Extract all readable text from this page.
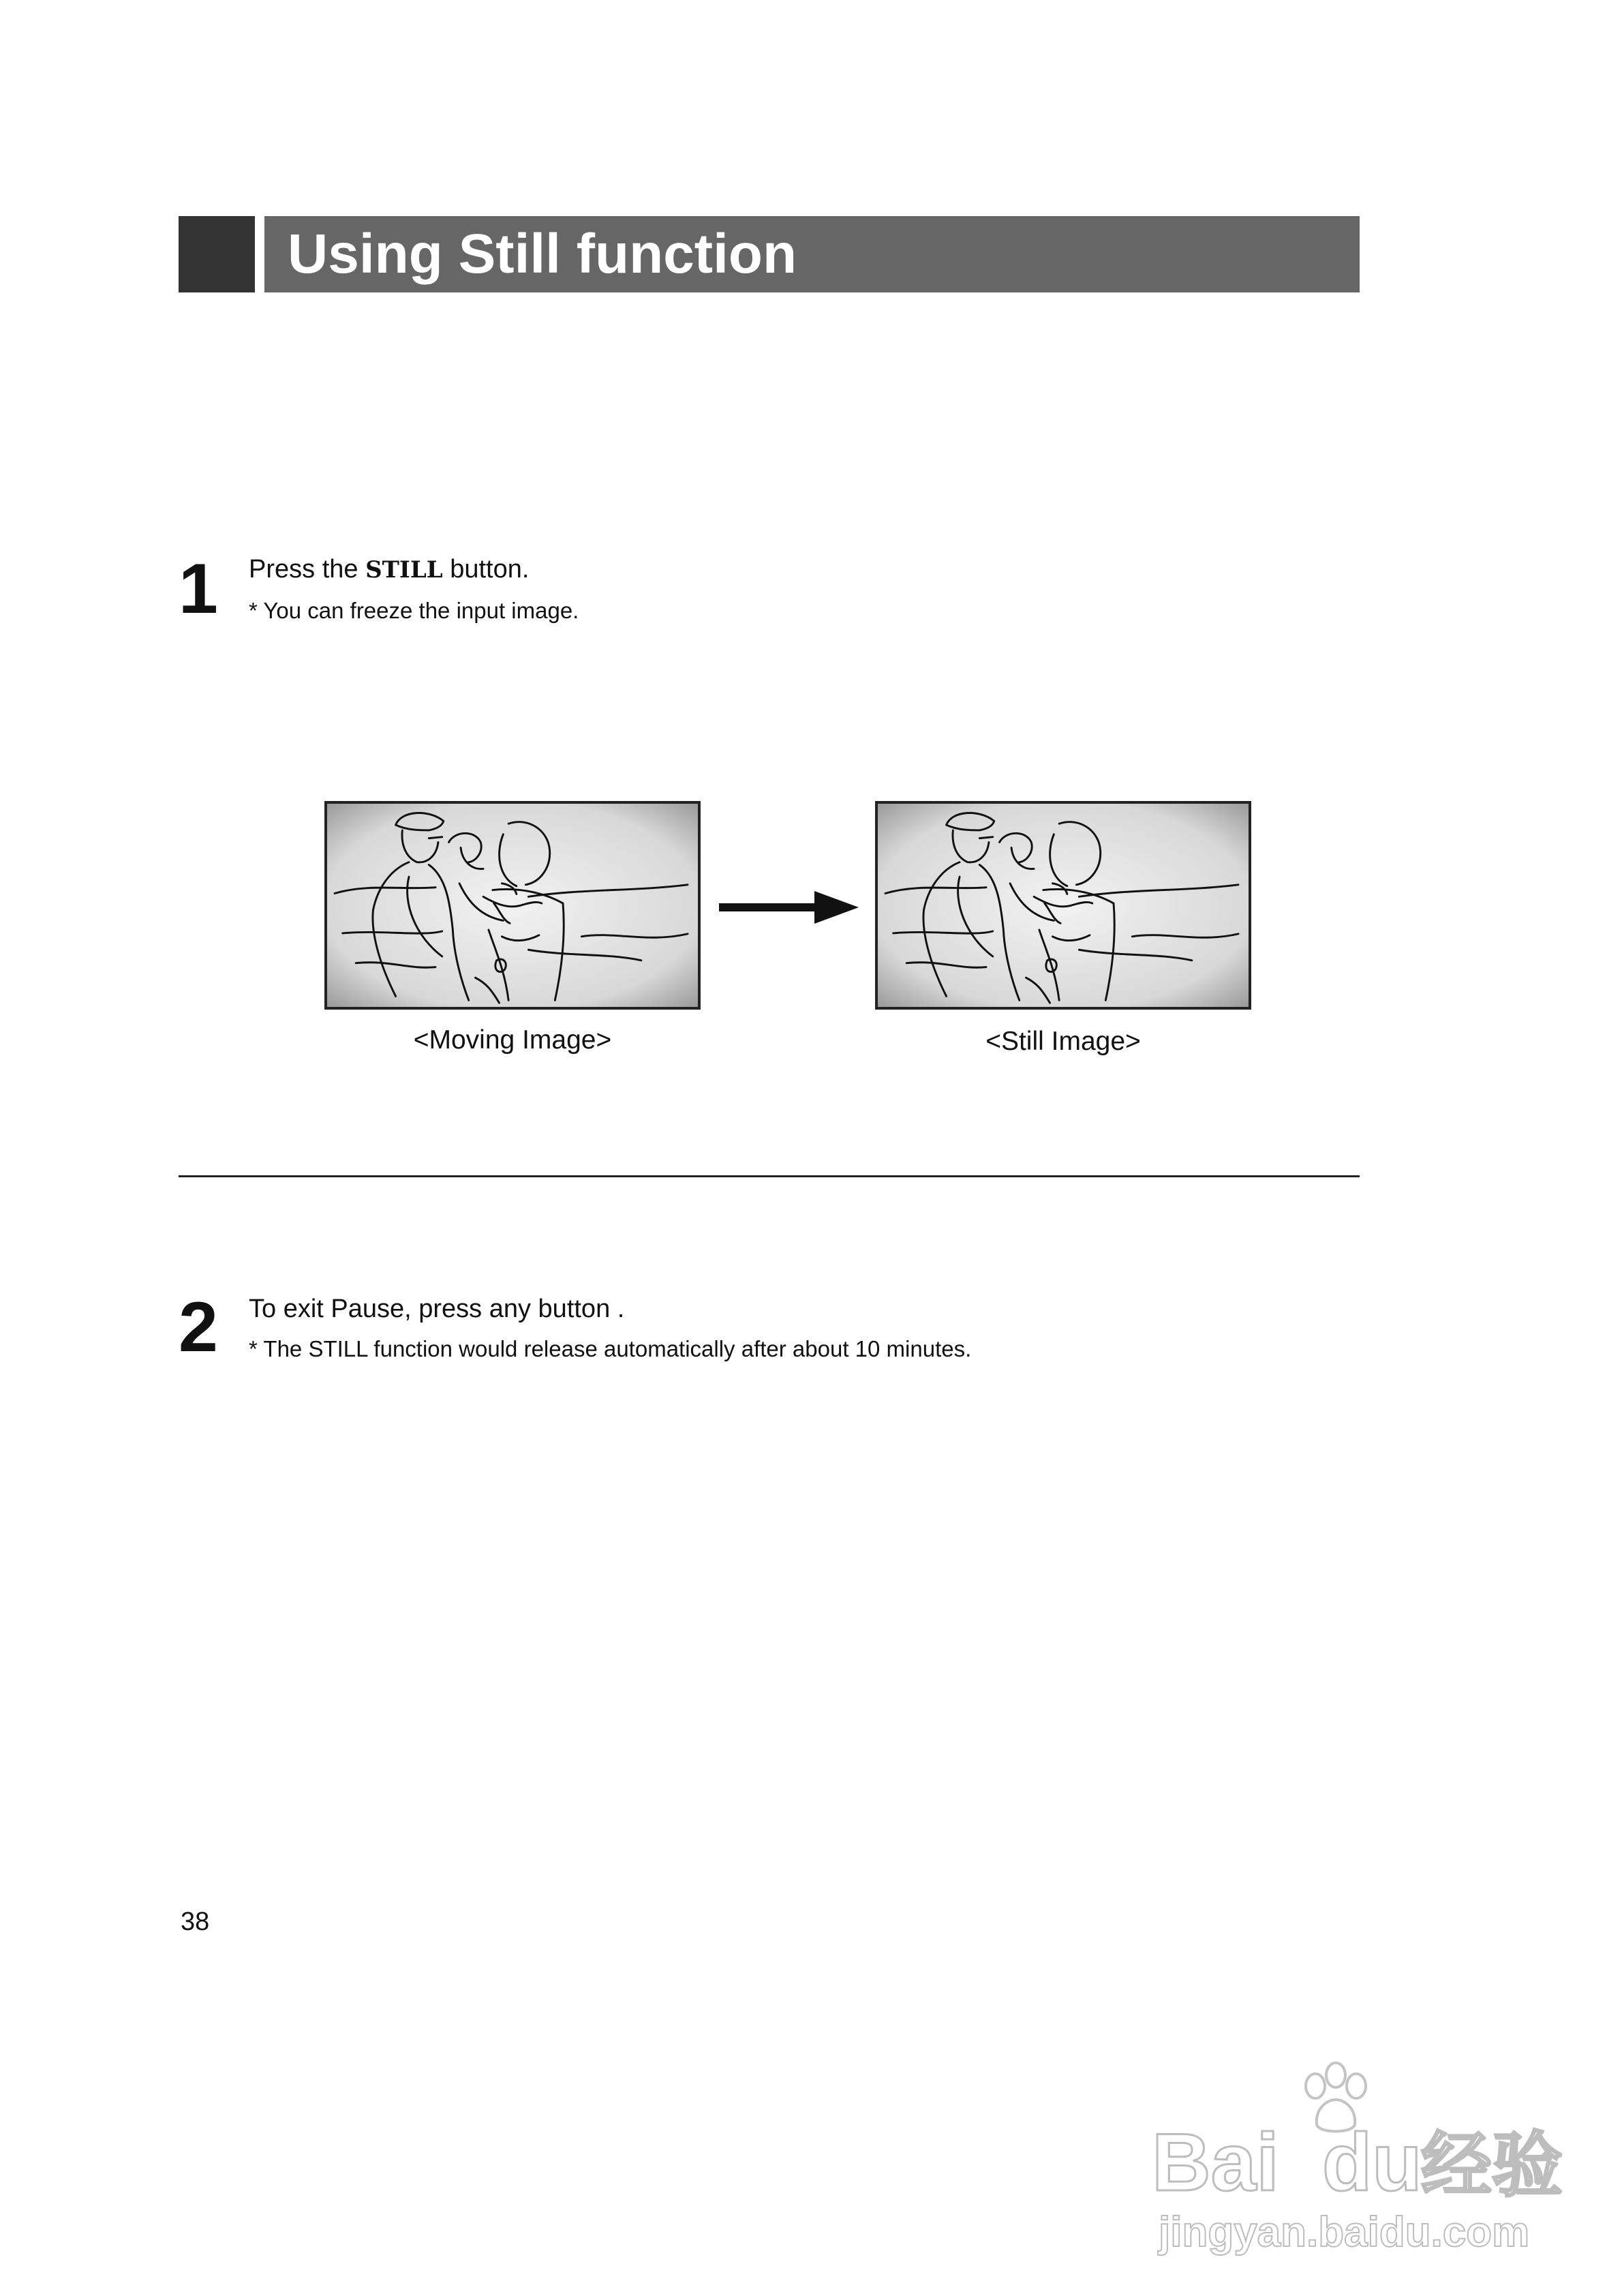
Using Still function
1 Press the STILL button.
* You can freeze the input image.
<Moving Image>	<Still Image>
2 To exit Pause, press any button .
* The STILL function would release automatically after about 10 minutes.
38
Bai du
经验
jingyan.baidu.com
